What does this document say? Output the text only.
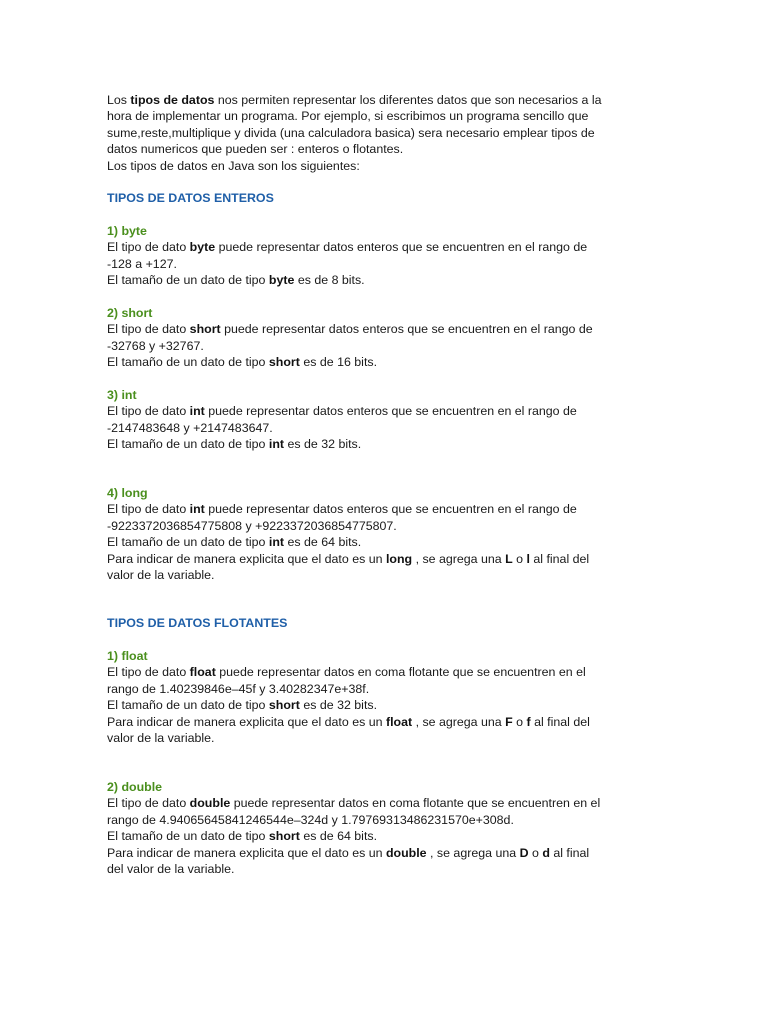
Los tipos de datos nos permiten representar los diferentes datos que son necesarios a la

hora de implementar un programa. Por ejemplo, si escribimos un programa sencillo que

sume,reste,multiplique y divida (una calculadora basica) sera necesario emplear tipos de

datos numericos que pueden ser : enteros o flotantes.

Los tipos de datos en Java son los siguientes:

TIPOS DE DATOS ENTEROS

1) byte

El tipo de dato byte puede representar datos enteros que se encuentren en el rango de

-128 a +127.

El tamaño de un dato de tipo byte es de 8 bits.

2) short

El tipo de dato short puede representar datos enteros que se encuentren en el rango de

-32768 y +32767.

El tamaño de un dato de tipo short es de 16 bits.

3) int

El tipo de dato int puede representar datos enteros que se encuentren en el rango de

-2147483648 y +2147483647.

El tamaño de un dato de tipo int es de 32 bits.

4) long

El tipo de dato int puede representar datos enteros que se encuentren en el rango de

-9223372036854775808 y +9223372036854775807.

El tamaño de un dato de tipo int es de 64 bits.

Para indicar de manera explicita que el dato es un long , se agrega una L o l al final del

valor de la variable.

TIPOS DE DATOS FLOTANTES

1) float

El tipo de dato float puede representar datos en coma flotante que se encuentren en el

rango de 1.40239846e–45f y 3.40282347e+38f.

El tamaño de un dato de tipo short es de 32 bits.

Para indicar de manera explicita que el dato es un float , se agrega una F o f al final del

valor de la variable.

2) double

El tipo de dato double puede representar datos en coma flotante que se encuentren en el

rango de 4.94065645841246544e–324d y 1.79769313486231570e+308d.

El tamaño de un dato de tipo short es de 64 bits.

Para indicar de manera explicita que el dato es un double , se agrega una D o d al final

del valor de la variable.
